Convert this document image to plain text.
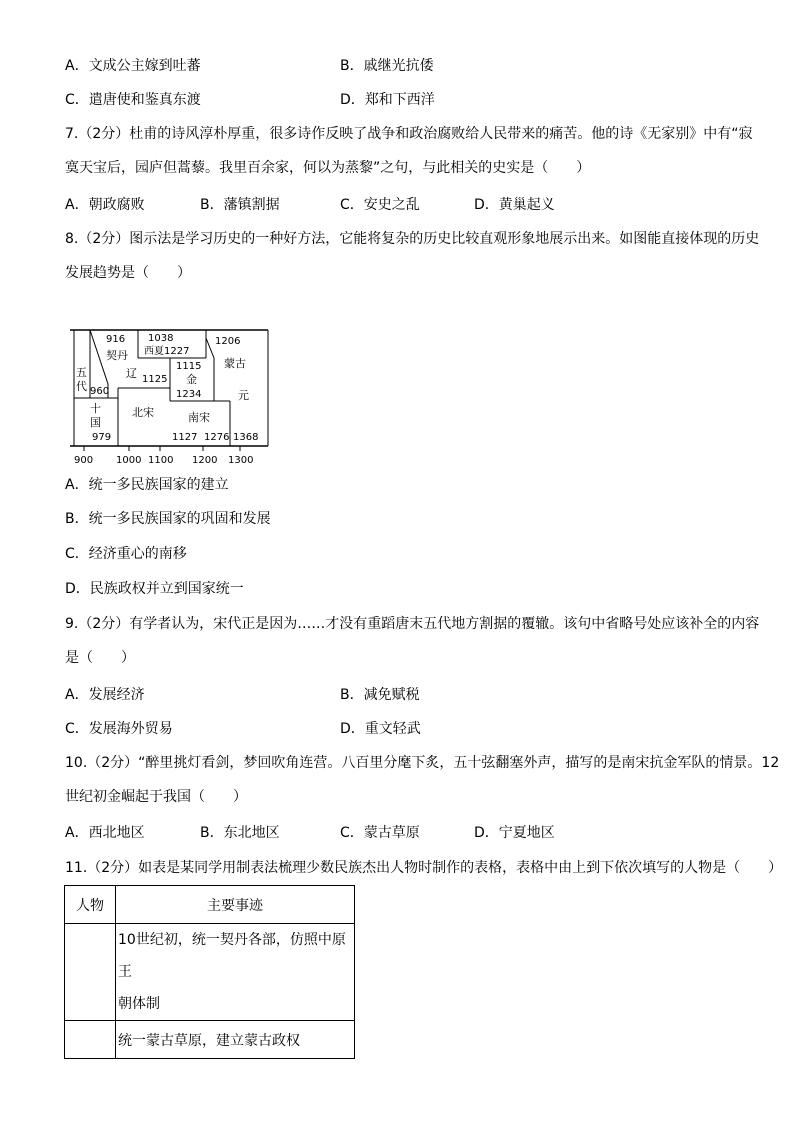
A．文成公主嫁到吐蕃	B．戚继光抗倭
C．遣唐使和鉴真东渡	D．郑和下西洋
7.（2分）杜甫的诗风淳朴厚重，很多诗作反映了战争和政治腐败给人民带来的痛苦。他的诗《无家别》中有“寂
寞天宝后，园庐但蒿藜。我里百余家，何以为蒸黎”之句，与此相关的史实是（　　）
A．朝政腐败	B．藩镇割据	C．安史之乱	D．黄巢起义
8.（2分）图示法是学习历史的一种好方法，它能将复杂的历史比较直观形象地展示出来。如图能直接体现的历史
发展趋势是（　　）
916
契丹
1038
西夏1227
1206
蒙古
五
代 960
辽 1125
1115
金
1234	元
十
国
979
北宋	南宋
1127 1276 1368
900 1000 1100 1200 1300
A．统一多民族国家的建立
B．统一多民族国家的巩固和发展
C．经济重心的南移
D．民族政权并立到国家统一
9.（2分）有学者认为，宋代正是因为……才没有重蹈唐末五代地方割据的覆辙。该句中省略号处应该补全的内容
是（　　）
A．发展经济	B．减免赋税
C．发展海外贸易	D．重文轻武
10.（2分）“醉里挑灯看剑，梦回吹角连营。八百里分麾下炙，五十弦翻塞外声，描写的是南宋抗金军队的情景。12
世纪初金崛起于我国（　　）
A．西北地区	B．东北地区	C．蒙古草原	D．宁夏地区
11.（2分）如表是某同学用制表法梳理少数民族杰出人物时制作的表格，表格中由上到下依次填写的人物是（　　）
人物	主要事迹

	10世纪初，统一契丹各部，仿照中原王
朝体制

	统一蒙古草原，建立蒙古政权
